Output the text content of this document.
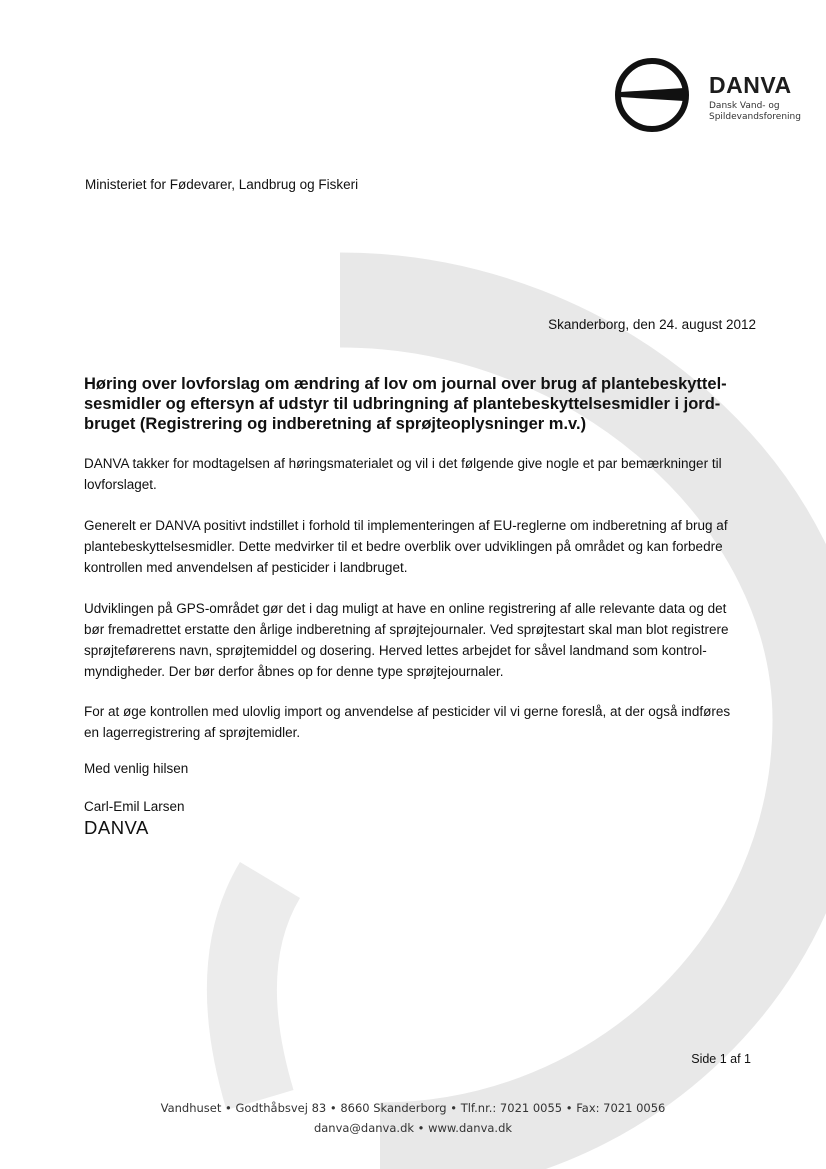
DANVA
Dansk Vand- og
Spildevandsforening
Ministeriet for Fødevarer, Landbrug og Fiskeri
Skanderborg, den 24. august 2012
Høring over lovforslag om ændring af lov om journal over brug af plantebeskyttel-
sesmidler og eftersyn af udstyr til udbringning af plantebeskyttelsesmidler i jord-
bruget (Registrering og indberetning af sprøjteoplysninger m.v.)
DANVA takker for modtagelsen af høringsmaterialet og vil i det følgende give nogle et par bemærkninger til
lovforslaget.
Generelt er DANVA positivt indstillet i forhold til implementeringen af EU-reglerne om indberetning af brug af
plantebeskyttelsesmidler. Dette medvirker til et bedre overblik over udviklingen på området og kan forbedre
kontrollen med anvendelsen af pesticider i landbruget.
Udviklingen på GPS-området gør det i dag muligt at have en online registrering af alle relevante data og det
bør fremadrettet erstatte den årlige indberetning af sprøjtejournaler. Ved sprøjtestart skal man blot registrere
sprøjteførerens navn, sprøjtemiddel og dosering. Herved lettes arbejdet for såvel landmand som kontrol-
myndigheder. Der bør derfor åbnes op for denne type sprøjtejournaler.
For at øge kontrollen med ulovlig import og anvendelse af pesticider vil vi gerne foreslå, at der også indføres
en lagerregistrering af sprøjtemidler.
Med venlig hilsen
Carl-Emil Larsen
DANVA
Side 1 af 1
Vandhuset • Godthåbsvej 83 • 8660 Skanderborg • Tlf.nr.: 7021 0055 • Fax: 7021 0056
danva@danva.dk • www.danva.dk
